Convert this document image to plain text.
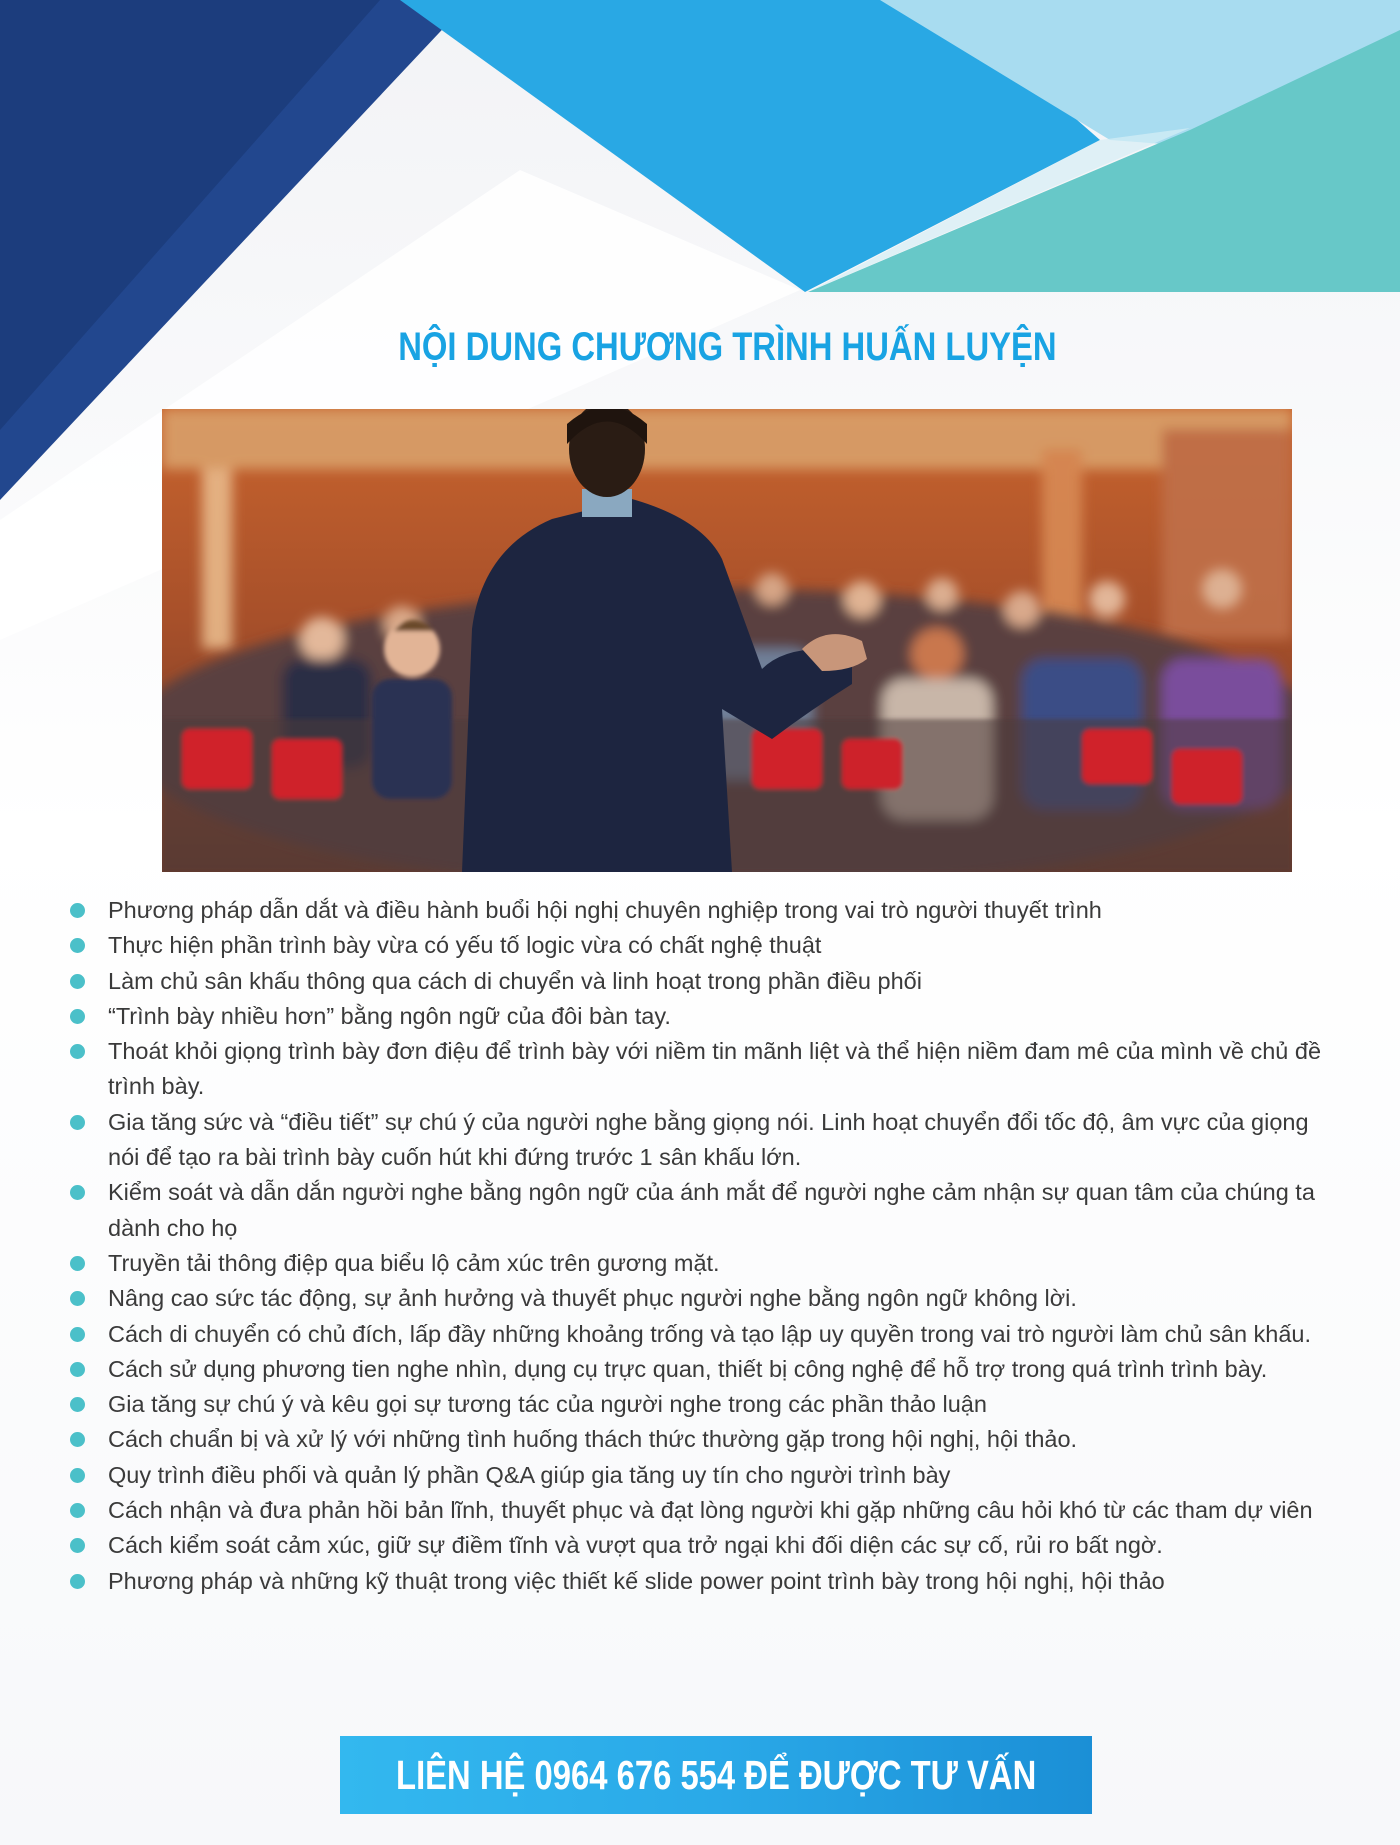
NỘI DUNG CHƯƠNG TRÌNH HUẤN LUYỆN
Phương pháp dẫn dắt và điều hành buổi hội nghị chuyên nghiệp trong vai trò người thuyết trình
Thực hiện phần trình bày vừa có yếu tố logic vừa có chất nghệ thuật
Làm chủ sân khấu thông qua cách di chuyển và linh hoạt trong phần điều phối
“Trình bày nhiều hơn” bằng ngôn ngữ của đôi bàn tay.
Thoát khỏi giọng trình bày đơn điệu để trình bày với niềm tin mãnh liệt và thể hiện niềm đam mê của mình về chủ đề trình bày.
Gia tăng sức và “điều tiết” sự chú ý của người nghe bằng giọng nói. Linh hoạt chuyển đổi tốc độ, âm vực của giọng nói để tạo ra bài trình bày cuốn hút khi đứng trước 1 sân khấu lớn.
Kiểm soát và dẫn dắn người nghe bằng ngôn ngữ của ánh mắt để người nghe cảm nhận sự quan tâm của chúng ta dành cho họ
Truyền tải thông điệp qua biểu lộ cảm xúc trên gương mặt.
Nâng cao sức tác động, sự ảnh hưởng và thuyết phục người nghe bằng ngôn ngữ không lời.
Cách di chuyển có chủ đích, lấp đầy những khoảng trống và tạo lập uy quyền trong vai trò người làm chủ sân khấu.
Cách sử dụng phương tien nghe nhìn, dụng cụ trực quan, thiết bị công nghệ để hỗ trợ trong quá trình trình bày.
Gia tăng sự chú ý và kêu gọi sự tương tác của người nghe trong các phần thảo luận
Cách chuẩn bị và xử lý với những tình huống thách thức thường gặp trong hội nghị, hội thảo.
Quy trình điều phối và quản lý phần Q&A giúp gia tăng uy tín cho người trình bày
Cách nhận và đưa phản hồi bản lĩnh, thuyết phục và đạt lòng người khi gặp những câu hỏi khó từ các tham dự viên
Cách kiểm soát cảm xúc, giữ sự điềm tĩnh và vượt qua trở ngại khi đối diện các sự cố, rủi ro bất ngờ.
Phương pháp và những kỹ thuật trong việc thiết kế slide power point trình bày trong hội nghị, hội thảo
LIÊN HỆ 0964 676 554 ĐỂ ĐƯỢC TƯ VẤN
